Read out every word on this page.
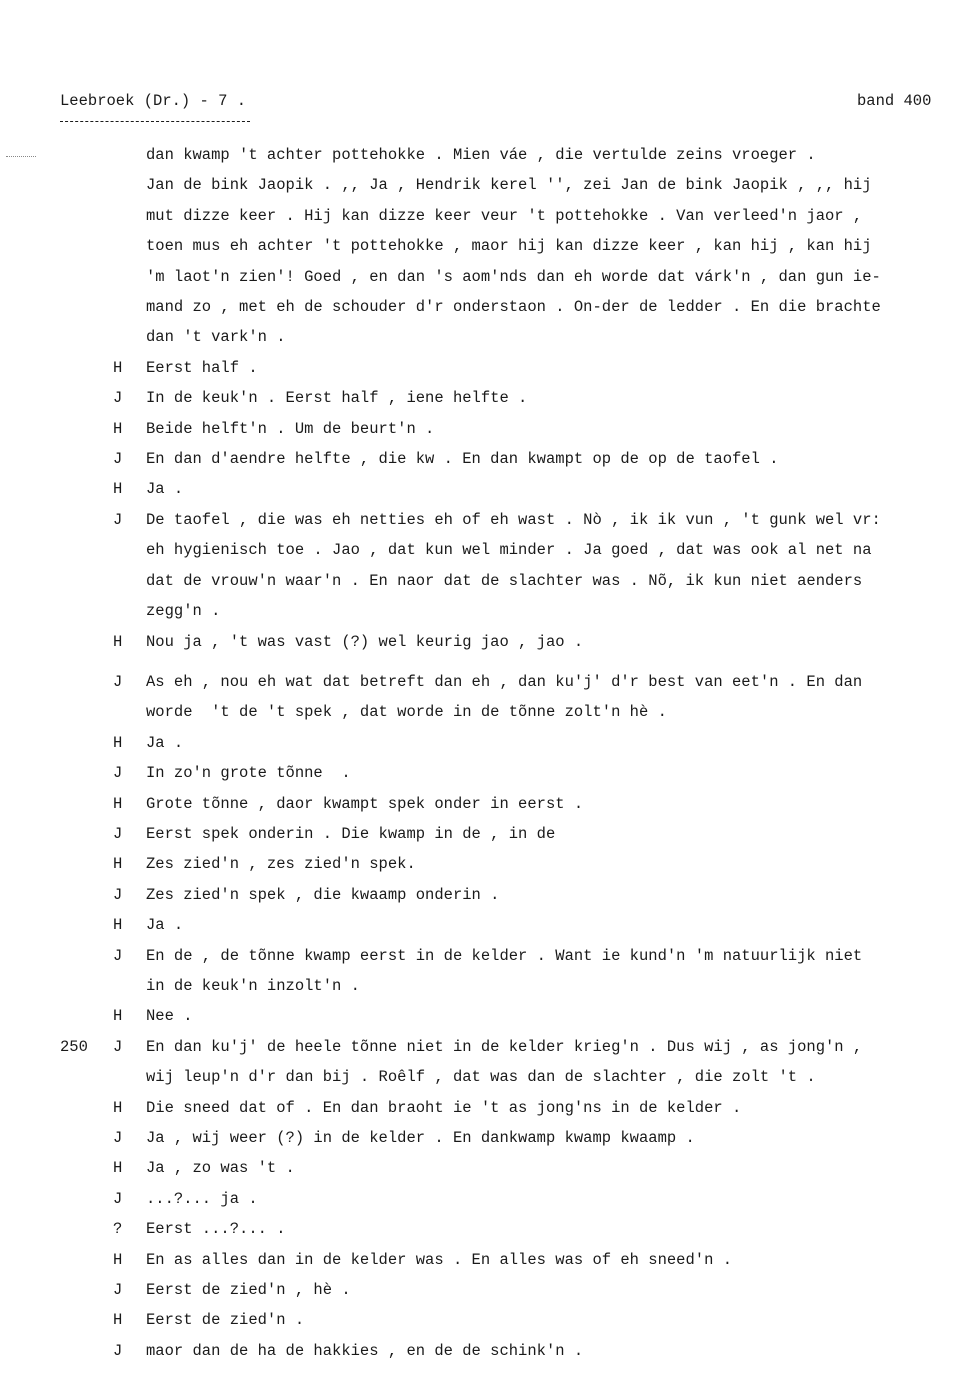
Leebroek (Dr.) - 7 .	band 400
dan kwamp 't achter pottehokke . Mien váe , die vertulde zeins vroeger .
Jan de bink Jaopik . ,, Ja , Hendrik kerel '', zei Jan de bink Jaopik , ,, hij
mut dizze keer . Hij kan dizze keer veur 't pottehokke . Van verleed'n jaor ,
toen mus eh achter 't pottehokke , maor hij kan dizze keer , kan hij , kan hij
'm laot'n zien'! Goed , en dan 's aom'nds dan eh worde dat várk'n , dan gun ie-
mand zo , met eh de schouder d'r onderstaon . On-der de ledder . En die brachte
dan 't vark'n .
H Eerst half .
J In de keuk'n . Eerst half , iene helfte .
H Beide helft'n . Um de beurt'n .
J En dan d'aendre helfte , die kw . En dan kwampt op de op de taofel .
H Ja .
J De taofel , die was eh netties eh of eh wast . Nò , ik ik vun , 't gunk wel vr:
eh hygienisch toe . Jao , dat kun wel minder . Ja goed , dat was ook al net na
dat de vrouw'n waar'n . En naor dat de slachter was . Nõ, ik kun niet aenders
zegg'n .
H Nou ja , 't was vast (?) wel keurig jao , jao .
J As eh , nou eh wat dat betreft dan eh , dan ku'j' d'r best van eet'n . En dan
worde  't de 't spek , dat worde in de tõnne zolt'n hè .
H Ja .
J In zo'n grote tõnne  .
H Grote tõnne , daor kwampt spek onder in eerst .
J Eerst spek onderin . Die kwamp in de , in de
H Zes zied'n , zes zied'n spek.
J Zes zied'n spek , die kwaamp onderin .
H Ja .
J En de , de tõnne kwamp eerst in de kelder . Want ie kund'n 'm natuurlijk niet
in de keuk'n inzolt'n .
H Nee .
250 J En dan ku'j' de heele tõnne niet in de kelder krieg'n . Dus wij , as jong'n ,
wij leup'n d'r dan bij . Roêlf , dat was dan de slachter , die zolt 't .
H Die sneed dat of . En dan braoht ie 't as jong'ns in de kelder .
J Ja , wij weer (?) in de kelder . En dankwamp kwamp kwaamp .
H Ja , zo was 't .
J ...?... ja .
? Eerst ...?... .
H En as alles dan in de kelder was . En alles was of eh sneed'n .
J Eerst de zied'n , hè .
H Eerst de zied'n .
J maor dan de ha de hakkies , en de de schink'n .
